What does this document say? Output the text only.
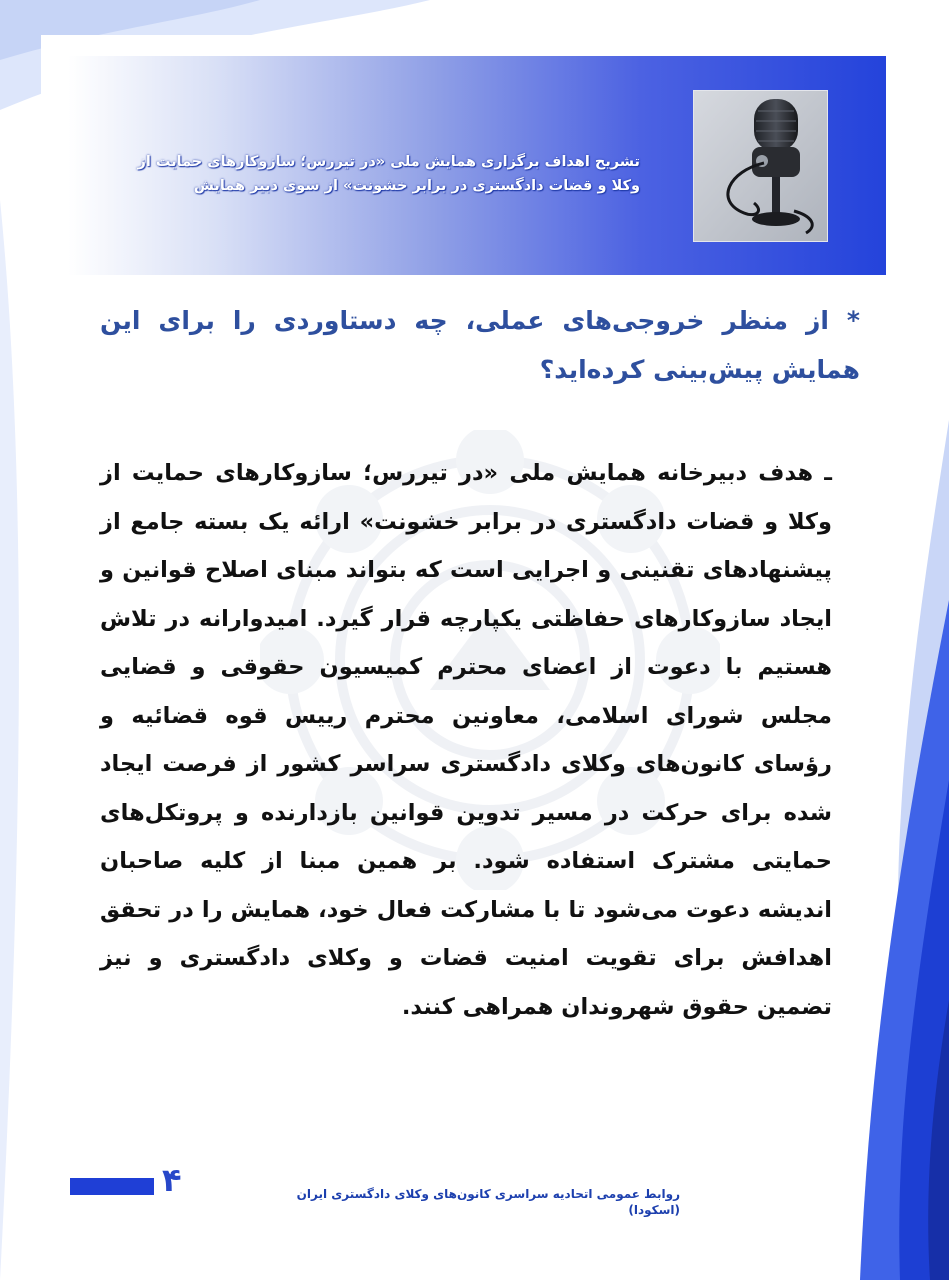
تشریح اهداف برگزاری همایش ملی «در تیررس؛ سازوکارهای حمایت از وکلا و قضات دادگستری در برابر خشونت» از سوی دبیر همایش
* از منظر خروجی‌های عملی، چه دستاوردی را برای این همایش پیش‌بینی کرده‌اید؟
ـ هدف دبیرخانه همایش ملی «در تیررس؛ سازوکارهای حمایت از وکلا و قضات دادگستری در برابر خشونت» ارائه یک بسته جامع از پیشنهادهای تقنینی و اجرایی است که بتواند مبنای اصلاح قوانین و ایجاد سازوکارهای حفاظتی یکپارچه قرار گیرد. امیدوارانه در تلاش هستیم با دعوت از اعضای محترم کمیسیون حقوقی و قضایی مجلس شورای اسلامی، معاونین محترم رییس قوه قضائیه و رؤسای کانون‌های وکلای دادگستری سراسر کشور از فرصت ایجاد شده برای حرکت در مسیر تدوین قوانین بازدارنده و پروتکل‌های حمایتی مشترک استفاده شود. بر همین مبنا از کلیه صاحبان اندیشه دعوت می‌شود تا با مشارکت فعال خود، همایش را در تحقق اهدافش برای تقویت امنیت قضات و وکلای دادگستری و نیز تضمین حقوق شهروندان همراهی کنند.
۴	روابط عمومی اتحادیه سراسری کانون‌های وکلای دادگستری ایران (اسکودا)
